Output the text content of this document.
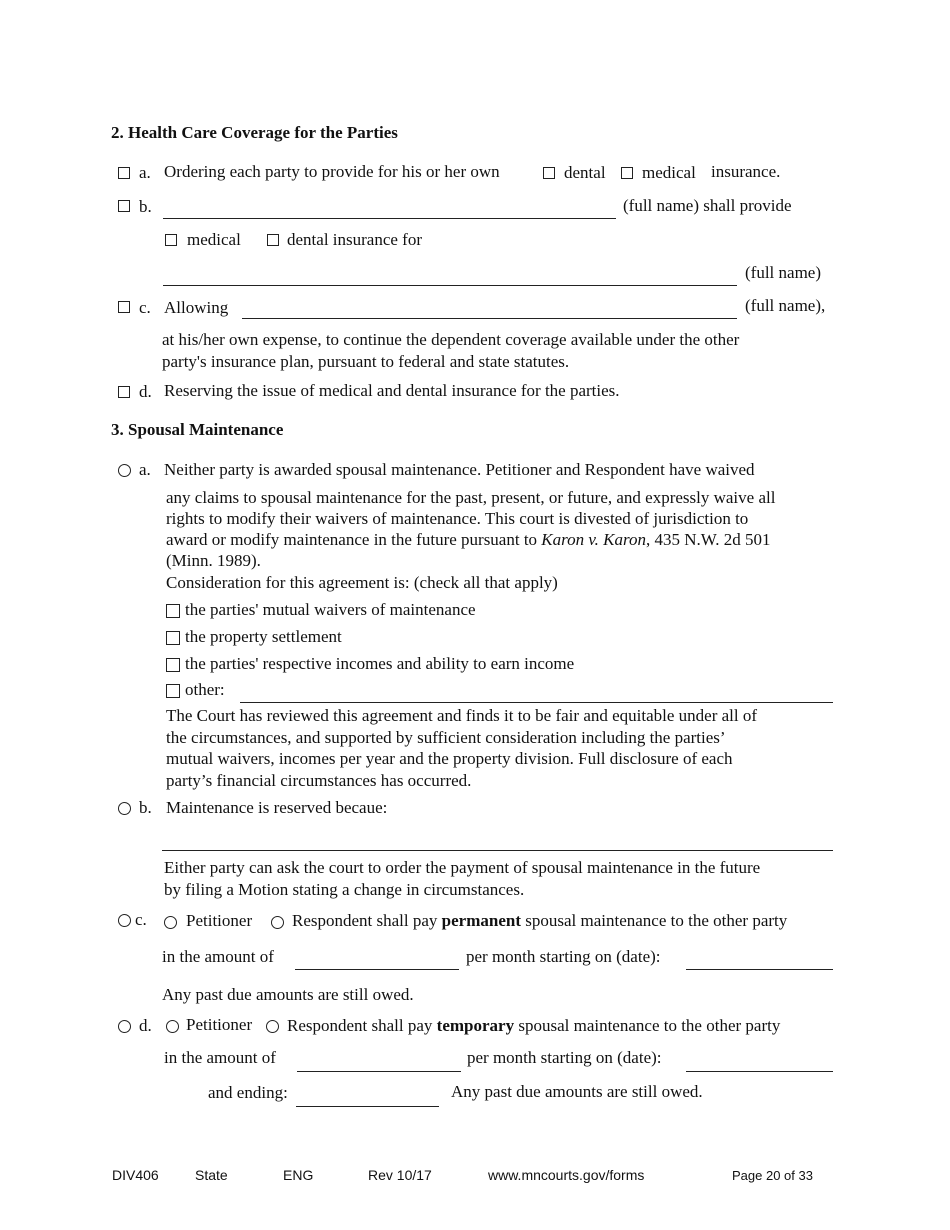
2. Health Care Coverage for the Parties
a. Ordering each party to provide for his or her own	dental medical insurance.
b.	(full name) shall provide
medical	dental insurance for
(full name)
c. Allowing	(full name),
at his/her own expense, to continue the dependent coverage available under the other
party's insurance plan, pursuant to federal and state statutes.
d. Reserving the issue of medical and dental insurance for the parties.
3. Spousal Maintenance
a. Neither party is awarded spousal maintenance. Petitioner and Respondent have waived
any claims to spousal maintenance for the past, present, or future, and expressly waive all
rights to modify their waivers of maintenance. This court is divested of jurisdiction to
award or modify maintenance in the future pursuant to Karon v. Karon, 435 N.W. 2d 501
(Minn. 1989).
Consideration for this agreement is: (check all that apply)
the parties' mutual waivers of maintenance
the property settlement
the parties' respective incomes and ability to earn income
other:
The Court has reviewed this agreement and finds it to be fair and equitable under all of
the circumstances, and supported by sufficient consideration including the parties’
mutual waivers, incomes per year and the property division. Full disclosure of each
party’s financial circumstances has occurred.
b. Maintenance is reserved becaue:
Either party can ask the court to order the payment of spousal maintenance in the future
by filing a Motion stating a change in circumstances.
c. Petitioner Respondent shall pay permanent spousal maintenance to the other party
in the amount of	per month starting on (date):
Any past due amounts are still owed.
d. Petitioner Respondent shall pay temporary spousal maintenance to the other party
in the amount of	per month starting on (date):
and ending:	Any past due amounts are still owed.
DIV406	State	ENG	Rev 10/17	www.mncourts.gov/forms	Page 20 of 33
